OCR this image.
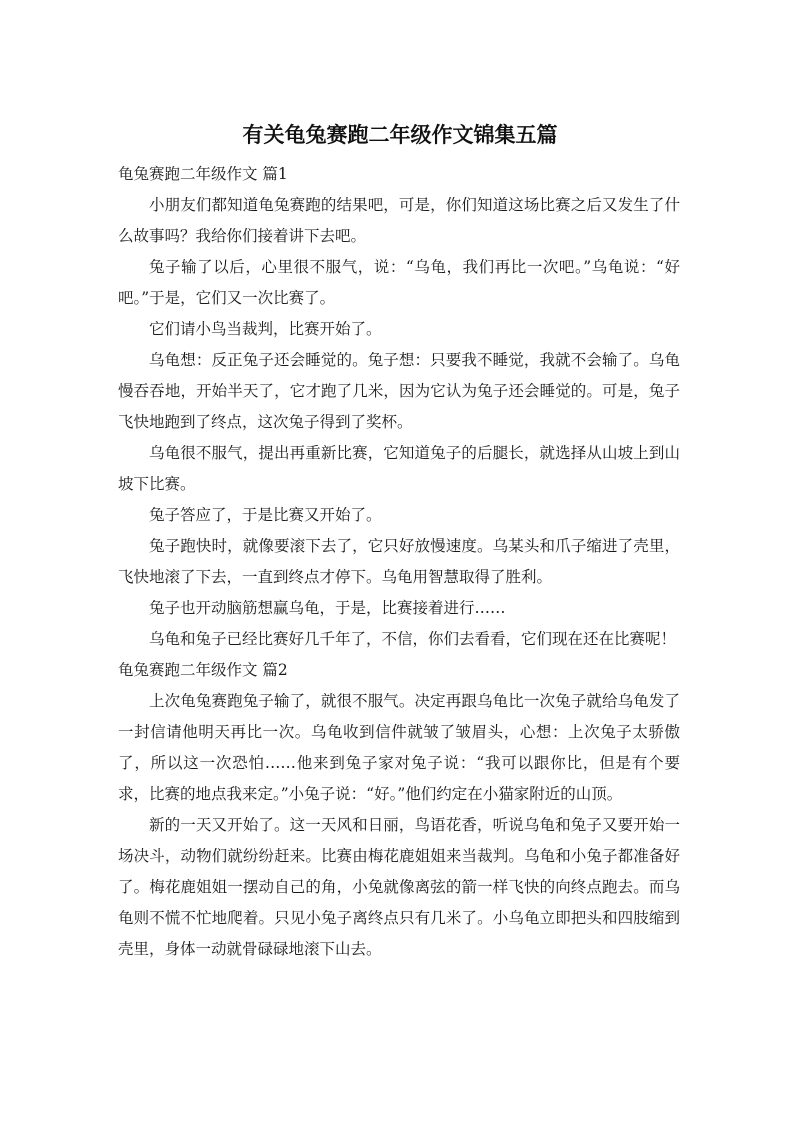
有关龟兔赛跑二年级作文锦集五篇

龟兔赛跑二年级作文 篇1

小朋友们都知道龟兔赛跑的结果吧，可是，你们知道这场比赛之后又发生了什么故事吗？我给你们接着讲下去吧。

兔子输了以后，心里很不服气，说：“乌龟，我们再比一次吧。”乌龟说：“好吧。”于是，它们又一次比赛了。

它们请小鸟当裁判，比赛开始了。

乌龟想：反正兔子还会睡觉的。兔子想：只要我不睡觉，我就不会输了。乌龟慢吞吞地，开始半天了，它才跑了几米，因为它认为兔子还会睡觉的。可是，兔子飞快地跑到了终点，这次兔子得到了奖杯。

乌龟很不服气，提出再重新比赛，它知道兔子的后腿长，就选择从山坡上到山坡下比赛。

兔子答应了，于是比赛又开始了。

兔子跑快时，就像要滚下去了，它只好放慢速度。乌某头和爪子缩进了壳里，飞快地滚了下去，一直到终点才停下。乌龟用智慧取得了胜利。

兔子也开动脑筋想赢乌龟，于是，比赛接着进行……

乌龟和兔子已经比赛好几千年了，不信，你们去看看，它们现在还在比赛呢！

龟兔赛跑二年级作文 篇2

上次龟兔赛跑兔子输了，就很不服气。决定再跟乌龟比一次兔子就给乌龟发了一封信请他明天再比一次。乌龟收到信件就皱了皱眉头，心想：上次兔子太骄傲了，所以这一次恐怕……他来到兔子家对兔子说：“我可以跟你比，但是有个要求，比赛的地点我来定。”小兔子说：“好。”他们约定在小猫家附近的山顶。

新的一天又开始了。这一天风和日丽，鸟语花香，听说乌龟和兔子又要开始一场决斗，动物们就纷纷赶来。比赛由梅花鹿姐姐来当裁判。乌龟和小兔子都准备好了。梅花鹿姐姐一摆动自己的角，小兔就像离弦的箭一样飞快的向终点跑去。而乌龟则不慌不忙地爬着。只见小兔子离终点只有几米了。小乌龟立即把头和四肢缩到壳里，身体一动就骨碌碌地滚下山去。
